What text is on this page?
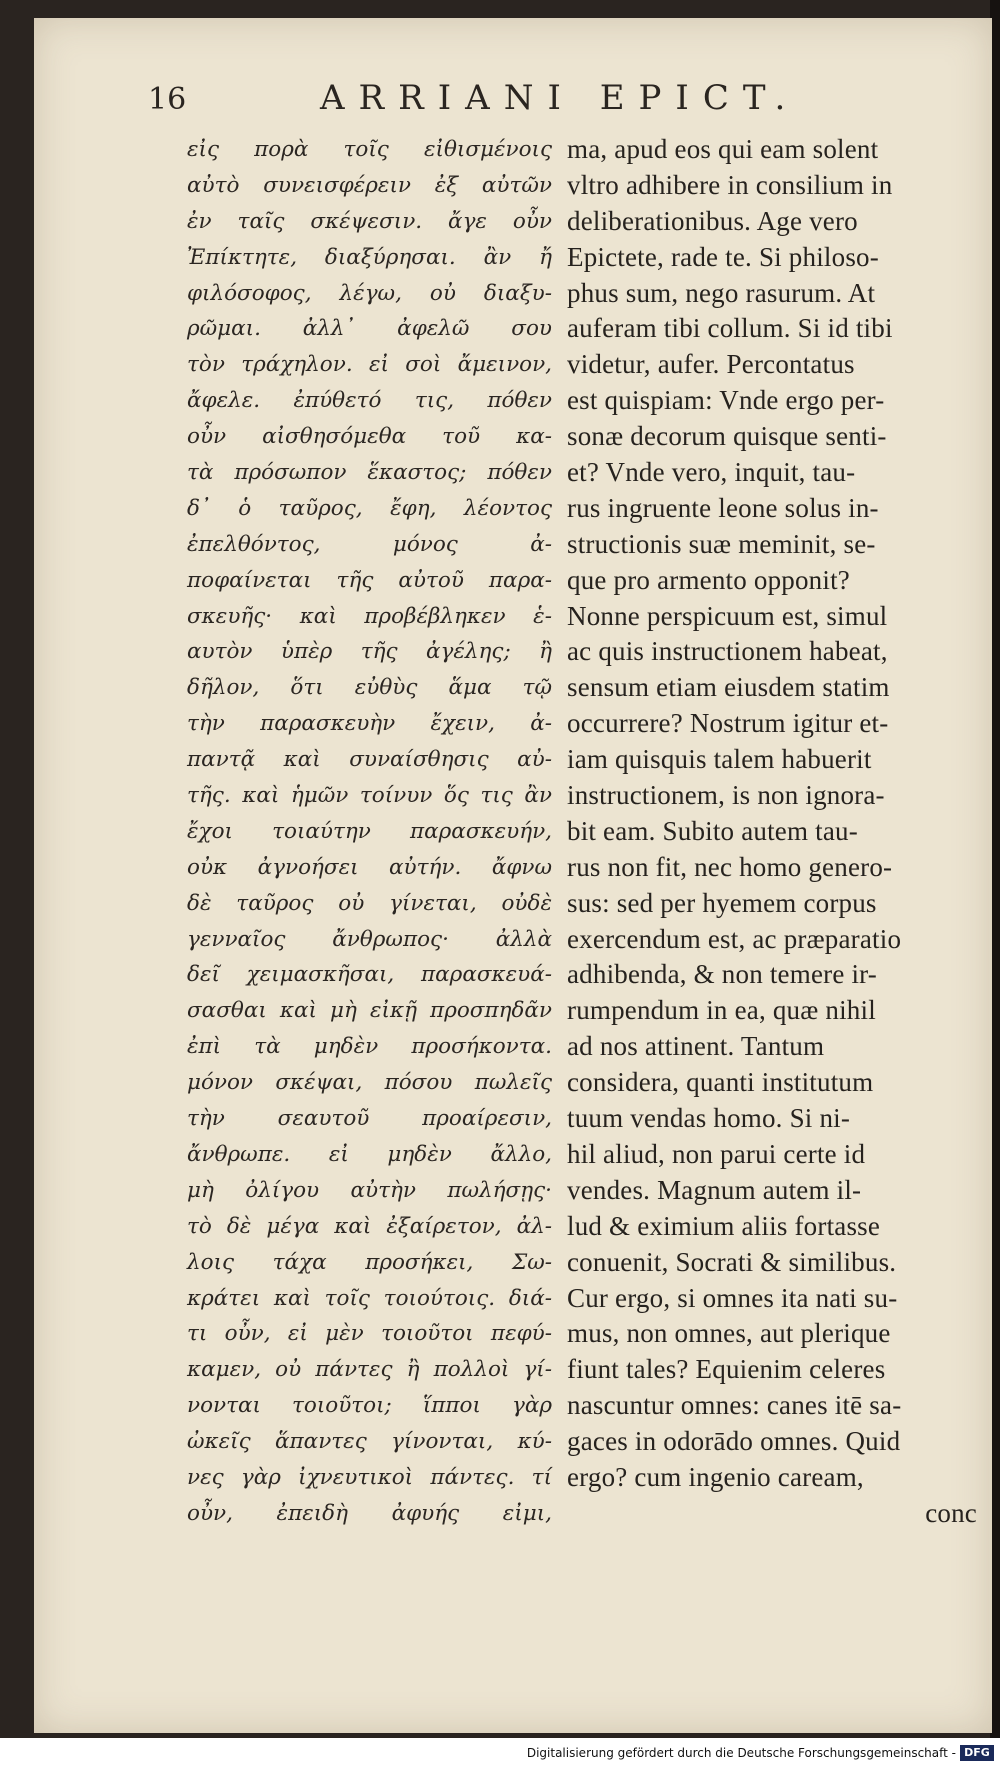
16	ARRIANI EPICT.
εἰς πορὰ τοῖς εἰθισμένοις
αὐτὸ συνεισφέρειν ἐξ αὐτῶν
ἐν ταῖς σκέψεσιν. ἄγε οὖν
Ἐπίκτητε, διαξύρησαι. ἂν ἤ
φιλόσοφος, λέγω, οὐ διαξυ-
ρῶμαι. ἀλλ᾽ ἀφελῶ σου
τὸν τράχηλον. εἰ σοὶ ἄμεινον,
ἄφελε. ἐπύθετό τις, πόθεν
οὖν αἰσθησόμεθα τοῦ κα-
τὰ πρόσωπον ἕκαστος; πόθεν
δ᾽ ὁ ταῦρος, ἔφη, λέοντος
ἐπελθόντος, μόνος ἀ-
ποφαίνεται τῆς αὐτοῦ παρα-
σκευῆς· καὶ προβέβληκεν ἑ-
αυτὸν ὑπὲρ τῆς ἀγέλης; ἢ
δῆλον, ὅτι εὐθὺς ἅμα τῷ
τὴν παρασκευὴν ἔχειν, ἀ-
παντᾷ καὶ συναίσθησις αὐ-
τῆς. καὶ ἡμῶν τοίνυν ὅς τις ἂν
ἔχοι τοιαύτην παρασκευήν,
οὐκ ἀγνοήσει αὐτήν. ἄφνω
δὲ ταῦρος οὐ γίνεται, οὐδὲ
γενναῖος ἄνθρωπος· ἀλλὰ
δεῖ χειμασκῆσαι, παρασκευά-
σασθαι καὶ μὴ εἰκῇ προσπηδᾶν
ἐπὶ τὰ μηδὲν προσήκοντα.
μόνον σκέψαι, πόσου πωλεῖς
τὴν σεαυτοῦ προαίρεσιν,
ἄνθρωπε. εἰ μηδὲν ἄλλο,
μὴ ὀλίγου αὐτὴν πωλήσῃς·
τὸ δὲ μέγα καὶ ἐξαίρετον, ἀλ-
λοις τάχα προσήκει, Σω-
κράτει καὶ τοῖς τοιούτοις. διά-
τι οὖν, εἰ μὲν τοιοῦτοι πεφύ-
καμεν, οὐ πάντες ἢ πολλοὶ γί-
νονται τοιοῦτοι; ἵπποι γὰρ
ὠκεῖς ἅπαντες γίνονται, κύ-
νες γὰρ ἰχνευτικοὶ πάντες. τί
οὖν, ἐπειδὴ ἀφυής εἰμι,
ma, apud eos qui eam solent
vltro adhibere in consilium in
deliberationibus. Age vero
Epictete, rade te. Si philoso-
phus sum, nego rasurum. At
auferam tibi collum. Si id tibi
videtur, aufer. Percontatus
est quispiam: Vnde ergo per-
sonæ decorum quisque senti-
et? Vnde vero, inquit, tau-
rus ingruente leone solus in-
structionis suæ meminit, se-
que pro armento opponit?
Nonne perspicuum est, simul
ac quis instructionem habeat,
sensum etiam eiusdem statim
occurrere? Nostrum igitur et-
iam quisquis talem habuerit
instructionem, is non ignora-
bit eam. Subito autem tau-
rus non fit, nec homo genero-
sus: sed per hyemem corpus
exercendum est, ac præparatio
adhibenda, & non temere ir-
rumpendum in ea, quæ nihil
ad nos attinent. Tantum
considera, quanti institutum
tuum vendas homo. Si ni-
hil aliud, non parui certe id
vendes. Magnum autem il-
lud & eximium aliis fortasse
conuenit, Socrati & similibus.
Cur ergo, si omnes ita nati su-
mus, non omnes, aut plerique
fiunt tales? Equienim celeres
nascuntur omnes: canes itē sa-
gaces in odorādo omnes. Quid
ergo? cum ingenio caream,
conc
Digitalisierung gefördert durch die Deutsche Forschungsgemeinschaft - DFG
